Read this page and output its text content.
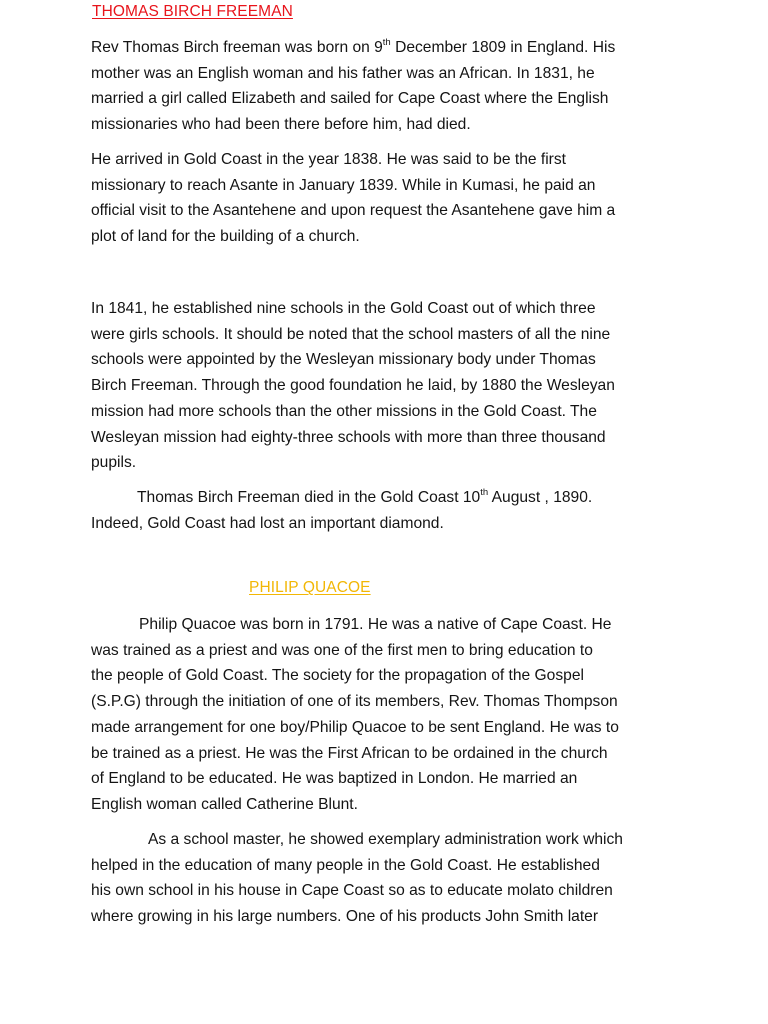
THOMAS BIRCH FREEMAN
Rev Thomas Birch freeman was born on 9th December 1809 in England. His
mother was an English woman and his father was an African. In 1831, he
married a girl called Elizabeth and sailed for Cape Coast where the English
missionaries who had been there before him, had died.
He arrived in Gold Coast in the year 1838. He was said to be the first
missionary to reach Asante in January 1839. While in Kumasi, he paid an
official visit to the Asantehene and upon request the Asantehene gave him a
plot of land for the building of a church.
In 1841, he established nine schools in the Gold Coast out of which three
were girls schools. It should be noted that the school masters of all the nine
schools were appointed by the Wesleyan missionary body under Thomas
Birch Freeman. Through the good foundation he laid, by 1880 the Wesleyan
mission had more schools than the other missions in the Gold Coast. The
Wesleyan mission had eighty-three schools with more than three thousand
pupils.
Thomas Birch Freeman died in the Gold Coast 10th August , 1890.
Indeed, Gold Coast had lost an important diamond.
PHILIP QUACOE
Philip Quacoe was born in 1791. He was a native of Cape Coast. He
was trained as a priest and was one of the first men to bring education to
the people of Gold Coast. The society for the propagation of the Gospel
(S.P.G) through the initiation of one of its members, Rev. Thomas Thompson
made arrangement for one boy/Philip Quacoe to be sent England. He was to
be trained as a priest. He was the First African to be ordained in the church
of England to be educated. He was baptized in London. He married an
English woman called Catherine Blunt.
As a school master, he showed exemplary administration work which
helped in the education of many people in the Gold Coast. He established
his own school in his house in Cape Coast so as to educate molato children
where growing in his large numbers. One of his products John Smith later
